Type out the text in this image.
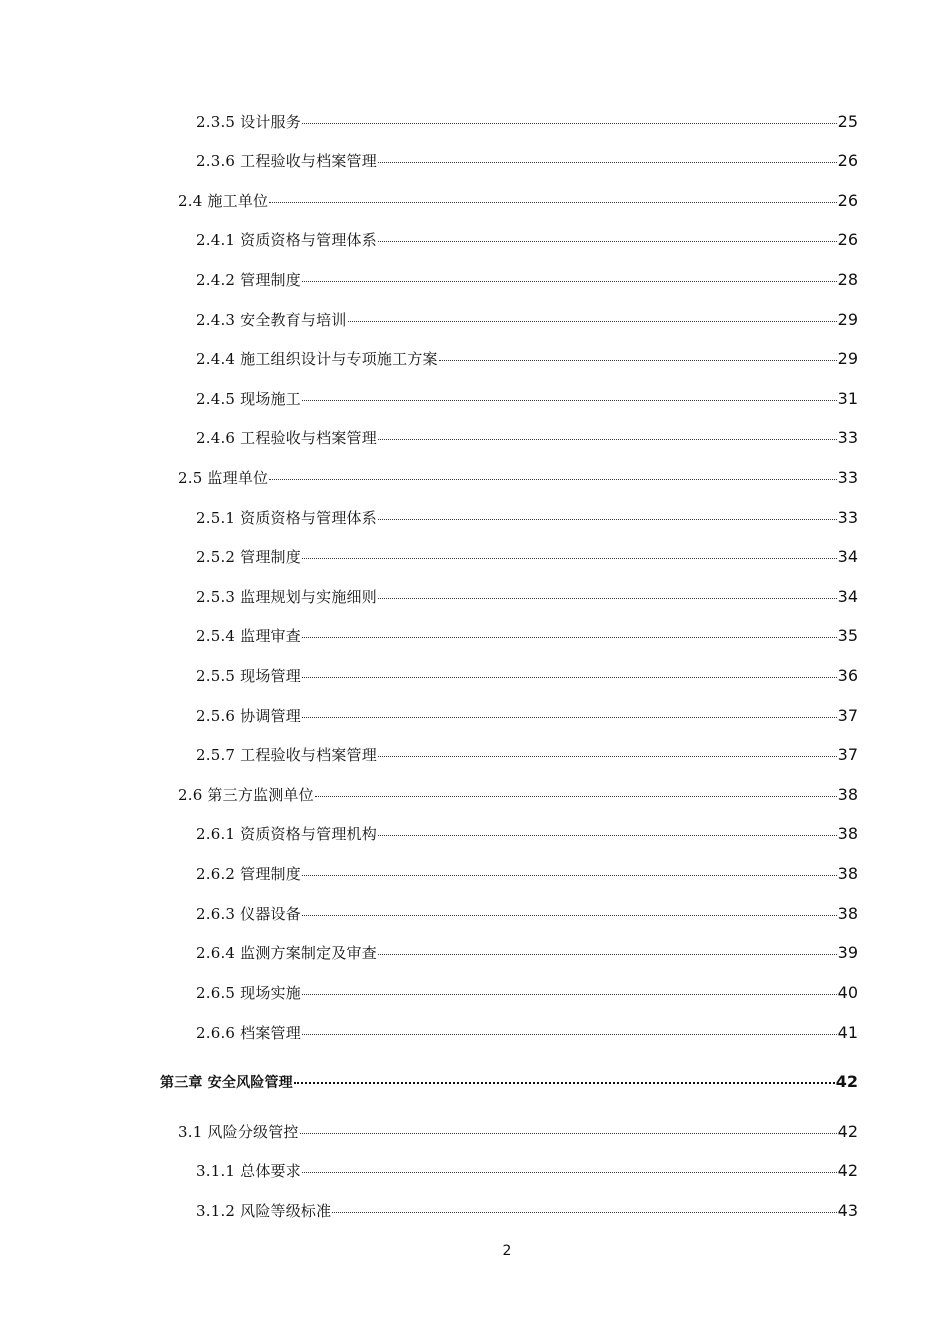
2.3.5 设计服务	25
2.3.6 工程验收与档案管理	26
2.4 施工单位	26
2.4.1 资质资格与管理体系	26
2.4.2 管理制度	28
2.4.3 安全教育与培训	29
2.4.4 施工组织设计与专项施工方案	29
2.4.5 现场施工	31
2.4.6 工程验收与档案管理	33
2.5 监理单位	33
2.5.1 资质资格与管理体系	33
2.5.2 管理制度	34
2.5.3 监理规划与实施细则	34
2.5.4 监理审查	35
2.5.5 现场管理	36
2.5.6 协调管理	37
2.5.7 工程验收与档案管理	37
2.6 第三方监测单位	38
2.6.1 资质资格与管理机构	38
2.6.2 管理制度	38
2.6.3 仪器设备	38
2.6.4 监测方案制定及审查	39
2.6.5 现场实施	40
2.6.6 档案管理	41
第三章 安全风险管理	42
3.1 风险分级管控	42
3.1.1 总体要求	42
3.1.2 风险等级标准	43
2
